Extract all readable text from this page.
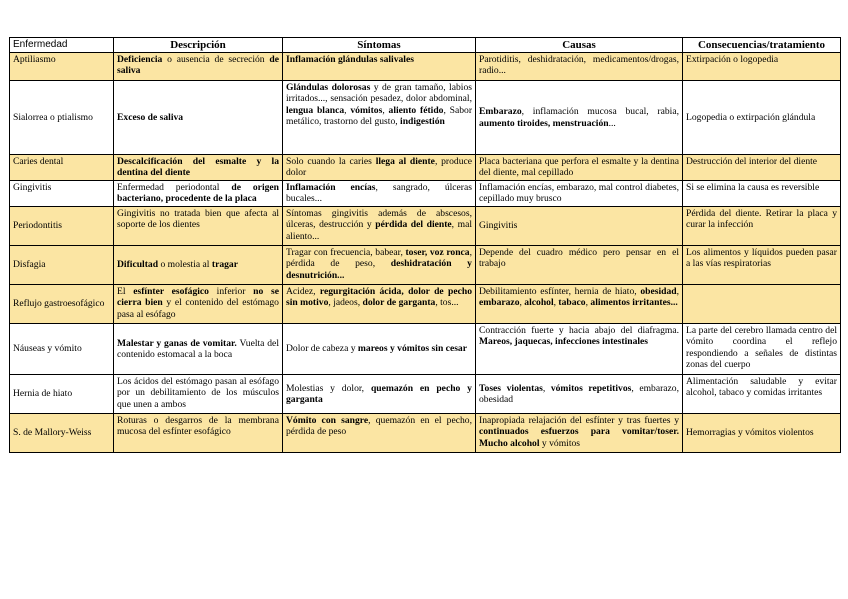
Enfermedad	Descripción	Síntomas	Causas	Consecuencias/tratamiento
Aptiliasmo	Deficiencia o ausencia de secreción de saliva	Inflamación glándulas salivales	Parotiditis, deshidratación, medicamentos/drogas, radio...	Extirpación o logopedia
Sialorrea o ptialismo	Exceso de saliva	Glándulas dolorosas y de gran tamaño, labios irritados..., sensación pesadez, dolor abdominal, lengua blanca, vómitos, aliento fétido, Sabor metálico, trastorno del gusto, indigestión	Embarazo, inflamación mucosa bucal, rabia, aumento tiroides, menstruación...	Logopedia o extirpación glándula
Caries dental	Descalcificación del esmalte y la dentina del diente	Solo cuando la caries llega al diente, produce dolor	Placa bacteriana que perfora el esmalte y la dentina del diente, mal cepillado	Destrucción del interior del diente
Gingivitis	Enfermedad periodontal de origen bacteriano, procedente de la placa	Inflamación encías, sangrado, úlceras bucales...	Inflamación encías, embarazo, mal control diabetes, cepillado muy brusco	Si se elimina la causa es reversible
Periodontitis	Gingivitis no tratada bien que afecta al soporte de los dientes	Síntomas gingivitis además de abscesos, úlceras, destrucción y pérdida del diente, mal aliento...	Gingivitis	Pérdida del diente. Retirar la placa y curar la infección
Disfagia	Dificultad o molestia al tragar	Tragar con frecuencia, babear, toser, voz ronca, pérdida de peso, deshidratación y desnutrición...	Depende del cuadro médico pero pensar en el trabajo	Los alimentos y líquidos pueden pasar a las vías respiratorias
Reflujo gastroesofágico	El esfínter esofágico inferior no se cierra bien y el contenido del estómago pasa al esófago	Acidez, regurgitación ácida, dolor de pecho sin motivo, jadeos, dolor de garganta, tos...	Debilitamiento esfínter, hernia de hiato, obesidad, embarazo, alcohol, tabaco, alimentos irritantes...	
Náuseas y vómito	Malestar y ganas de vomitar. Vuelta del contenido estomacal a la boca	Dolor de cabeza y mareos y vómitos sin cesar	Contracción fuerte y hacia abajo del diafragma. Mareos, jaquecas, infecciones intestinales	La parte del cerebro llamada centro del vómito coordina el reflejo respondiendo a señales de distintas zonas del cuerpo
Hernia de hiato	Los ácidos del estómago pasan al esófago por un debilitamiento de los músculos que unen a ambos	Molestias y dolor, quemazón en pecho y garganta	Toses violentas, vómitos repetitivos, embarazo, obesidad	Alimentación saludable y evitar alcohol, tabaco y comidas irritantes
S. de Mallory-Weiss	Roturas o desgarros de la membrana mucosa del esfínter esofágico	Vómito con sangre, quemazón en el pecho, pérdida de peso	Inapropiada relajación del esfínter y tras fuertes y continuados esfuerzos para vomitar/toser. Mucho alcohol y vómitos	Hemorragias y vómitos violentos
